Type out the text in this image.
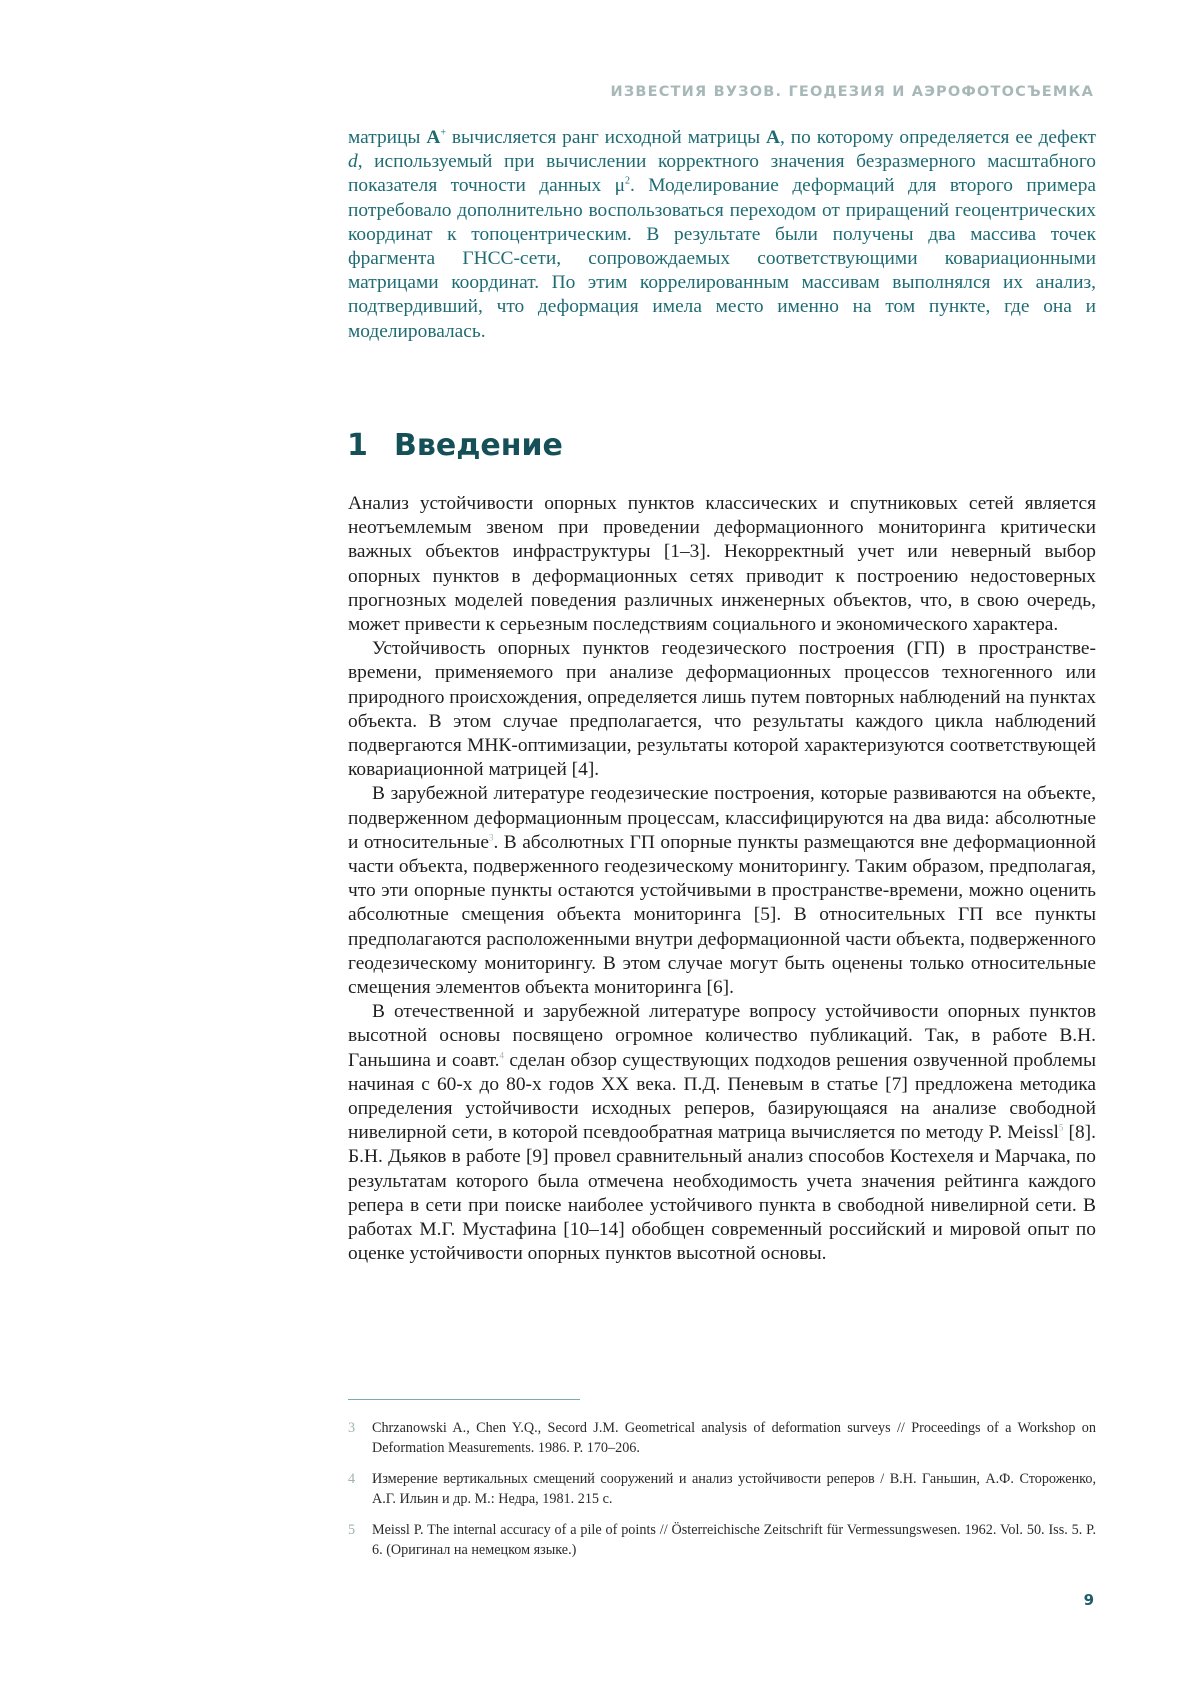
ИЗВЕСТИЯ ВУЗОВ. ГЕОДЕЗИЯ И АЭРОФОТОСЪЕМКА

матрицы A+ вычисляется ранг исходной матрицы A, по которому определяется ее дефект d, используемый при вычислении корректного значения безразмерного масштабного показателя точности данных $\mu^2$. Моделирование деформаций для второго примера потребовало дополнительно воспользоваться переходом от приращений геоцентрических координат к топоцентрическим. В результате были получены два массива точек фрагмента ГНСС-сети, сопровождаемых соответствующими ковариационными матрицами координат. По этим коррелированным массивам выполнялся их анализ, подтвердивший, что деформация имела место именно на том пункте, где она и моделировалась.

1 Введение

Анализ устойчивости опорных пунктов классических и спутниковых сетей является неотъемлемым звеном при проведении деформационного мониторинга критически важных объектов инфраструктуры [1–3]. Некорректный учет или неверный выбор опорных пунктов в деформационных сетях приводит к построению недостоверных прогнозных моделей поведения различных инженерных объектов, что, в свою очередь, может привести к серьезным последствиям социального и экономического характера.

Устойчивость опорных пунктов геодезического построения (ГП) в пространстве-времени, применяемого при анализе деформационных процессов техногенного или природного происхождения, определяется лишь путем повторных наблюдений на пунктах объекта. В этом случае предполагается, что результаты каждого цикла наблюдений подвергаются МНК-оптимизации, результаты которой характеризуются соответствующей ковариационной матрицей [4].

В зарубежной литературе геодезические построения, которые развиваются на объекте, подверженном деформационным процессам, классифицируются на два вида: абсолютные и относительные$^3$. В абсолютных ГП опорные пункты размещаются вне деформационной части объекта, подверженного геодезическому мониторингу. Таким образом, предполагая, что эти опорные пункты остаются устойчивыми в пространстве-времени, можно оценить абсолютные смещения объекта мониторинга [5]. В относительных ГП все пункты предполагаются расположенными внутри деформационной части объекта, подверженного геодезическому мониторингу. В этом случае могут быть оценены только относительные смещения элементов объекта мониторинга [6].

В отечественной и зарубежной литературе вопросу устойчивости опорных пунктов высотной основы посвящено огромное количество публикаций. Так, в работе В.Н. Ганьшина и соавт.$^4$ сделан обзор существующих подходов решения озвученной проблемы начиная с 60-х до 80-х годов XX века. П.Д. Пеневым в статье [7] предложена методика определения устойчивости исходных реперов, базирующаяся на анализе свободной нивелирной сети, в которой псевдообратная матрица вычисляется по методу P. Meissl$^5$ [8]. Б.Н. Дьяков в работе [9] провел сравнительный анализ способов Костехеля и Марчака, по результатам которого была отмечена необходимость учета значения рейтинга каждого репера в сети при поиске наиболее устойчивого пункта в свободной нивелирной сети. В работах М.Г. Мустафина [10–14] обобщен современный российский и мировой опыт по оценке устойчивости опорных пунктов высотной основы.

3	Chrzanowski A., Chen Y.Q., Secord J.M. Geometrical analysis of deformation surveys // Proceedings of a Workshop on Deformation Measurements. 1986. P. 170–206.
4	Измерение вертикальных смещений сооружений и анализ устойчивости реперов / В.Н. Ганьшин, А.Ф. Стороженко, А.Г. Ильин и др. М.: Недра, 1981. 215 с.
5	Meissl P. The internal accuracy of a pile of points // Österreichische Zeitschrift für Vermessungswesen. 1962. Vol. 50. Iss. 5. P. 6. (Оригинал на немецком языке.)
9
